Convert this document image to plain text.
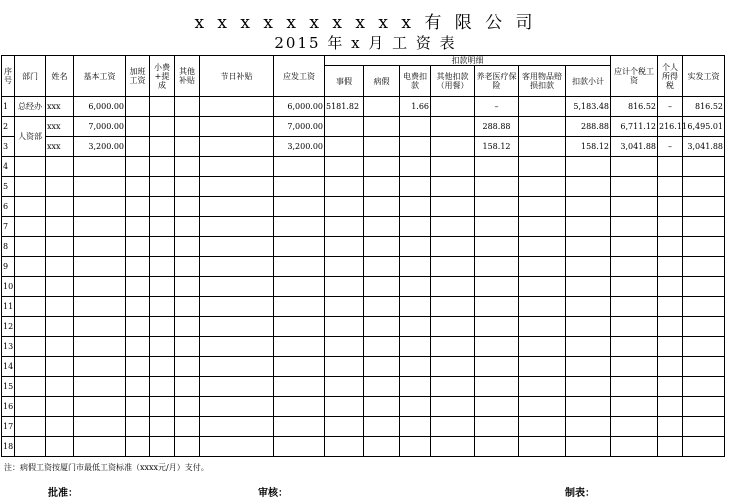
x x x x x x x x x x 有 限 公 司
2015 年 x 月 工 资 表
序号	部门	姓名	基本工资	加班工资	小费+提成	其他补贴	节日补贴	应发工资	扣款明细							应计个税工资	个人所得税	实发工资
									事假	病假	电费扣款	其他扣款（用餐）	养老医疗保险	客用物品赔损扣款	扣款小计			
1	总经办	xxx	6,000.00					6,000.00	5181.82		1.66		–		5,183.48	816.52	–	816.52
2	人资部	xxx	7,000.00					7,000.00					288.88		288.88	6,711.12	216.11	6,495.01
3		xxx	3,200.00					3,200.00					158.12		158.12	3,041.88	–	3,041.88
4																		
5																		
6																		
7																		
8																		
9																		
10																		
11																		
12																		
13																		
14																		
15																		
16																		
17																		
18																		
注：病假工资按厦门市最低工资标准（xxxx元/月）支付。
批准：	审核：	制表：
